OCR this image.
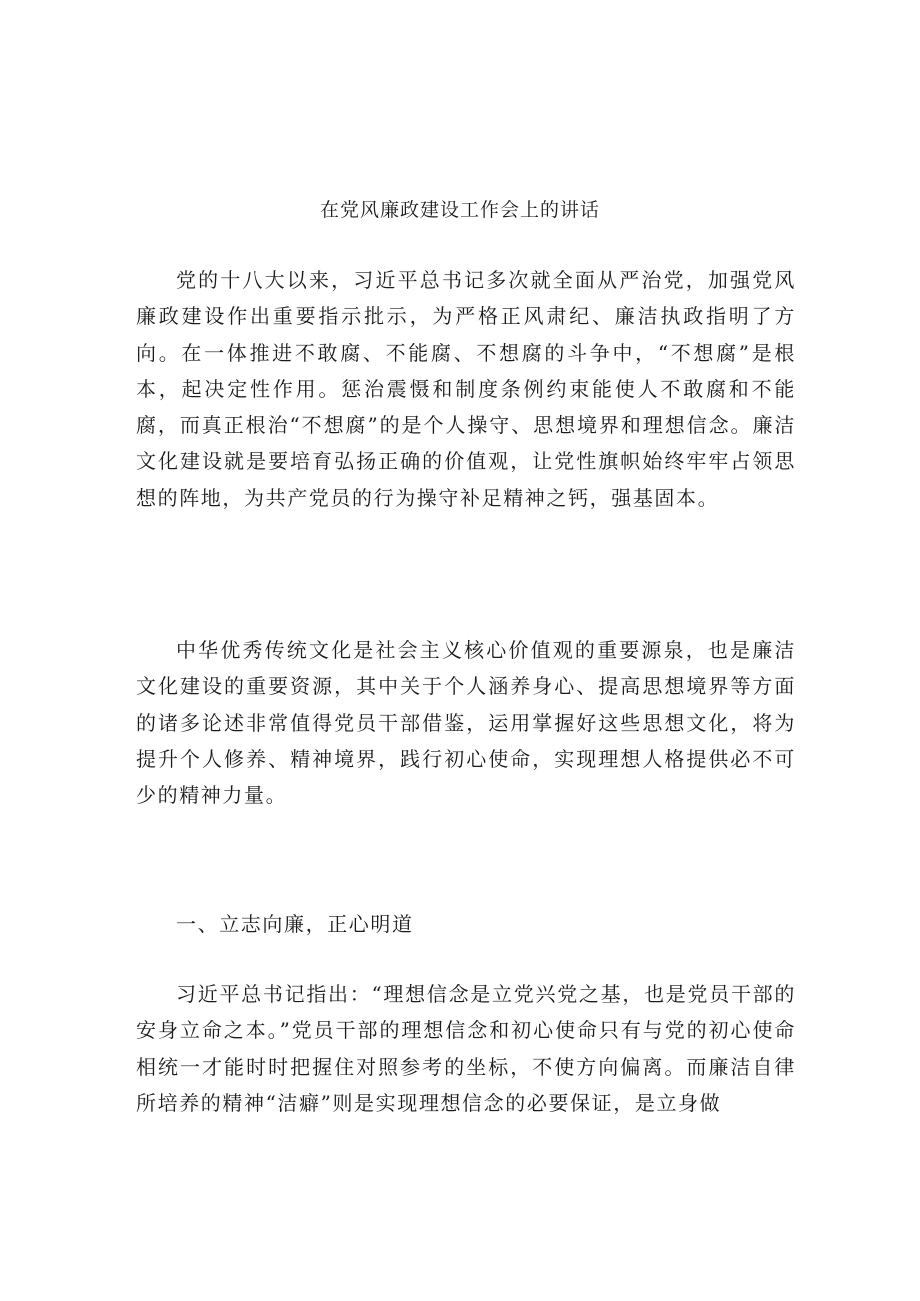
在党风廉政建设工作会上的讲话

党的十八大以来，习近平总书记多次就全面从严治党，加强党风廉政建设作出重要指示批示，为严格正风肃纪、廉洁执政指明了方向。在一体推进不敢腐、不能腐、不想腐的斗争中，“不想腐”是根本，起决定性作用。惩治震慑和制度条例约束能使人不敢腐和不能腐，而真正根治“不想腐”的是个人操守、思想境界和理想信念。廉洁文化建设就是要培育弘扬正确的价值观，让党性旗帜始终牢牢占领思想的阵地，为共产党员的行为操守补足精神之钙，强基固本。

中华优秀传统文化是社会主义核心价值观的重要源泉，也是廉洁文化建设的重要资源，其中关于个人涵养身心、提高思想境界等方面的诸多论述非常值得党员干部借鉴，运用掌握好这些思想文化，将为提升个人修养、精神境界，践行初心使命，实现理想人格提供必不可少的精神力量。

一、立志向廉，正心明道

习近平总书记指出：“理想信念是立党兴党之基，也是党员干部的安身立命之本。”党员干部的理想信念和初心使命只有与党的初心使命相统一才能时时把握住对照参考的坐标，不使方向偏离。而廉洁自律所培养的精神“洁癖”则是实现理想信念的必要保证，是立身做
